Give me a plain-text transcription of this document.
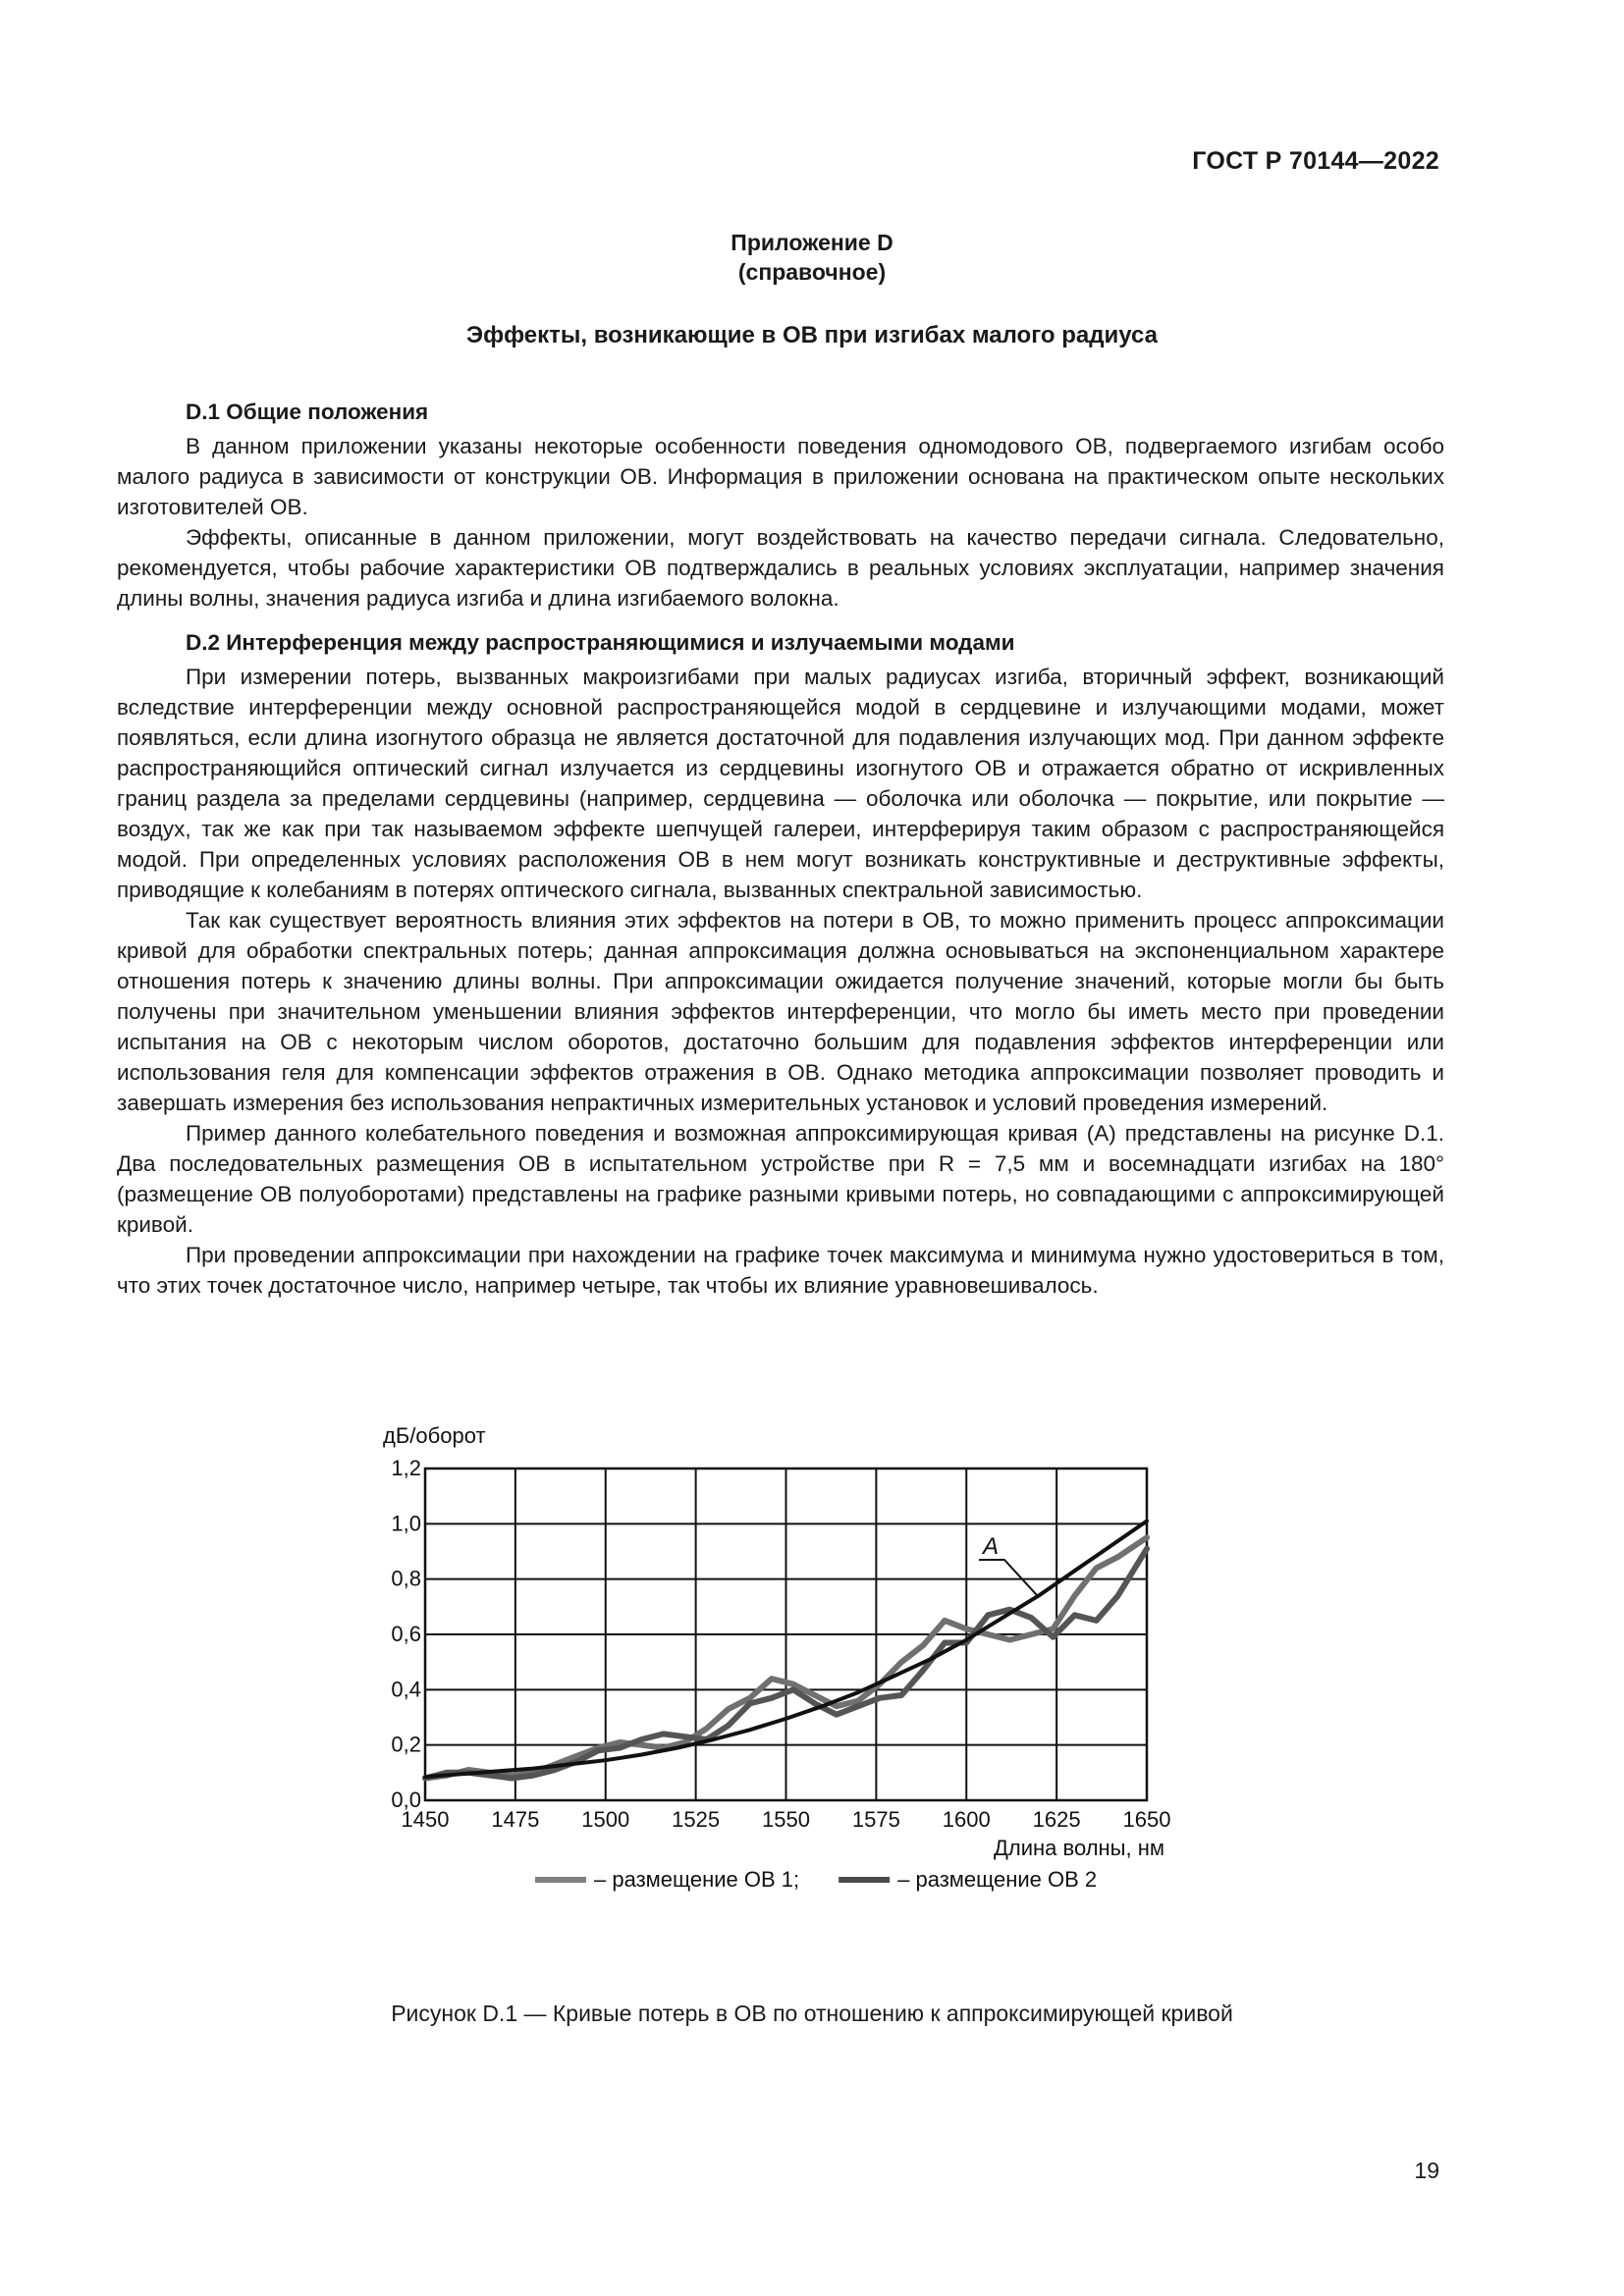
ГОСТ Р 70144—2022
Приложение D
(справочное)
Эффекты, возникающие в ОВ при изгибах малого радиуса
D.1 Общие положения

В данном приложении указаны некоторые особенности поведения одномодового ОВ, подвергаемого изгибам особо малого радиуса в зависимости от конструкции ОВ. Информация в приложении основана на практическом опыте нескольких изготовителей ОВ.

Эффекты, описанные в данном приложении, могут воздействовать на качество передачи сигнала. Следовательно, рекомендуется, чтобы рабочие характеристики ОВ подтверждались в реальных условиях эксплуатации, например значения длины волны, значения радиуса изгиба и длина изгибаемого волокна.

D.2 Интерференция между распространяющимися и излучаемыми модами

При измерении потерь, вызванных макроизгибами при малых радиусах изгиба, вторичный эффект, возникающий вследствие интерференции между основной распространяющейся модой в сердцевине и излучающими модами, может появляться, если длина изогнутого образца не является достаточной для подавления излучающих мод. При данном эффекте распространяющийся оптический сигнал излучается из сердцевины изогнутого ОВ и отражается обратно от искривленных границ раздела за пределами сердцевины (например, сердцевина — оболочка или оболочка — покрытие, или покрытие — воздух, так же как при так называемом эффекте шепчущей галереи, интерферируя таким образом с распространяющейся модой. При определенных условиях расположения ОВ в нем могут возникать конструктивные и деструктивные эффекты, приводящие к колебаниям в потерях оптического сигнала, вызванных спектральной зависимостью.

Так как существует вероятность влияния этих эффектов на потери в ОВ, то можно применить процесс аппроксимации кривой для обработки спектральных потерь; данная аппроксимация должна основываться на экспоненциальном характере отношения потерь к значению длины волны. При аппроксимации ожидается получение значений, которые могли бы быть получены при значительном уменьшении влияния эффектов интерференции, что могло бы иметь место при проведении испытания на ОВ с некоторым числом оборотов, достаточно большим для подавления эффектов интерференции или использования геля для компенсации эффектов отражения в ОВ. Однако методика аппроксимации позволяет проводить и завершать измерения без использования непрактичных измерительных установок и условий проведения измерений.

Пример данного колебательного поведения и возможная аппроксимирующая кривая (А) представлены на рисунке D.1. Два последовательных размещения ОВ в испытательном устройстве при R = 7,5 мм и восемнадцати изгибах на 180° (размещение ОВ полуоборотами) представлены на графике разными кривыми потерь, но совпадающими с аппроксимирующей кривой.

При проведении аппроксимации при нахождении на графике точек максимума и минимума нужно удостовериться в том, что этих точек достаточное число, например четыре, так чтобы их влияние уравновешивалось.

1450 1475 1500 1525 1550 1575 1600 1625 1650
0,0
0,2
0,4
0,6
0,8
1,0
1,2
дБ/оборот
Длина волны, нм
A
– размещение ОВ 1;	– размещение ОВ 2
Рисунок D.1 — Кривые потерь в ОВ по отношению к аппроксимирующей кривой
19
